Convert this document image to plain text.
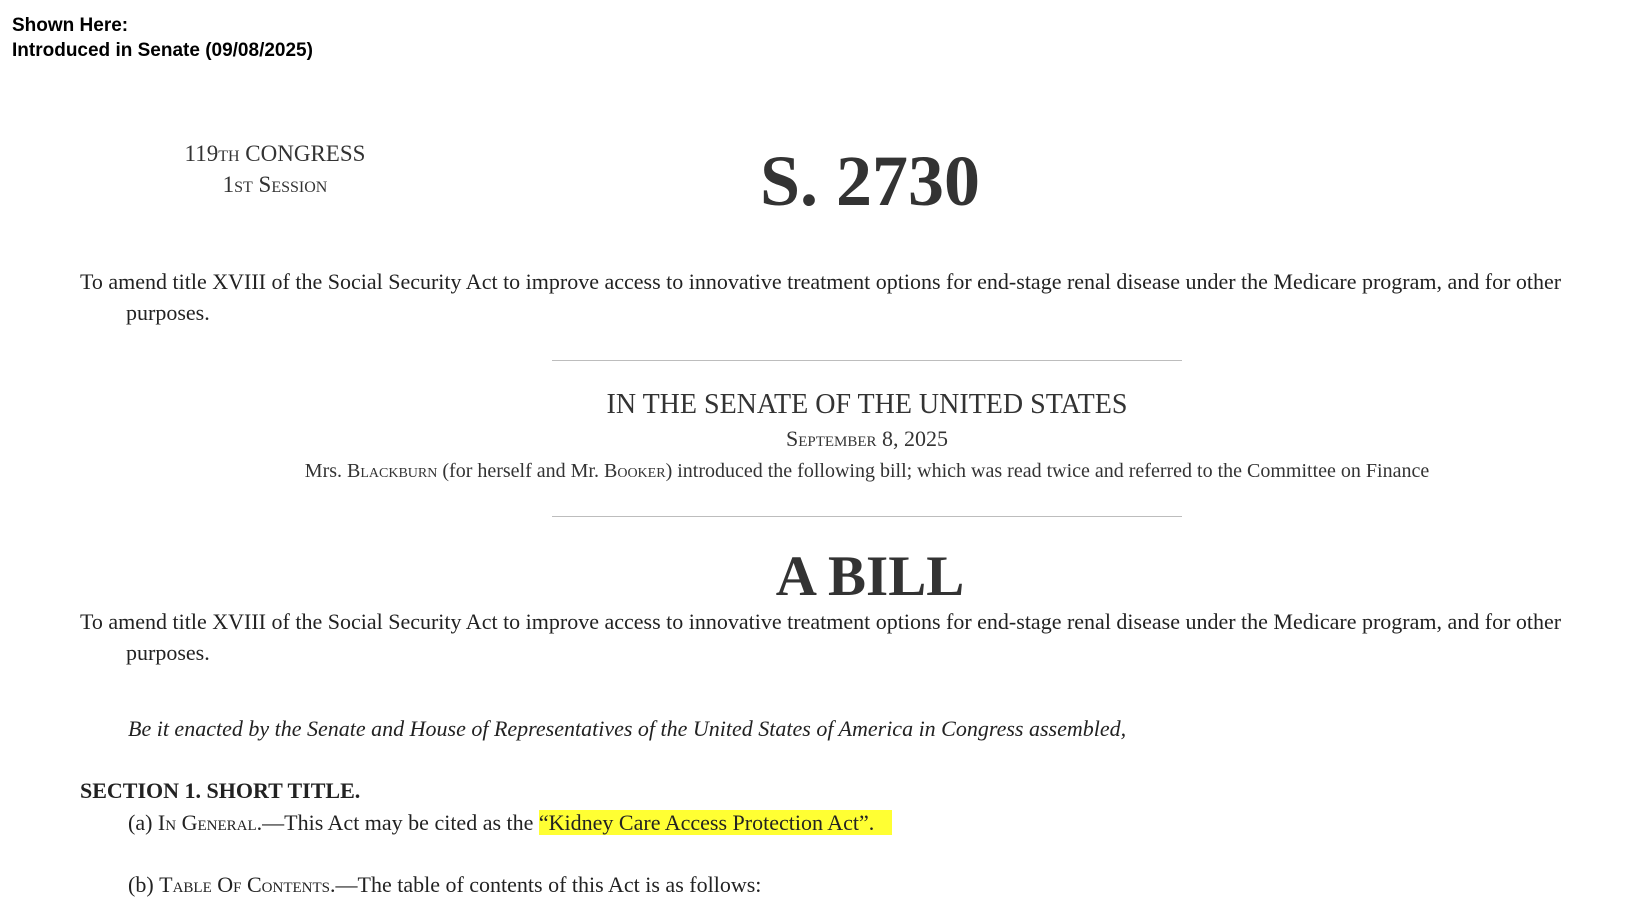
Shown Here:
Introduced in Senate (09/08/2025)
119th CONGRESS
1st Session	S. 2730
To amend title XVIII of the Social Security Act to improve access to innovative treatment options for end-stage renal disease under the Medicare program, and for other purposes.
IN THE SENATE OF THE UNITED STATES
September 8, 2025
Mrs. Blackburn (for herself and Mr. Booker) introduced the following bill; which was read twice and referred to the Committee on Finance
A BILL
To amend title XVIII of the Social Security Act to improve access to innovative treatment options for end-stage renal disease under the Medicare program, and for other purposes.
Be it enacted by the Senate and House of Representatives of the United States of America in Congress assembled,
SECTION 1. SHORT TITLE.
(a) In General.—This Act may be cited as the “Kidney Care Access Protection Act”.
(b) Table Of Contents.—The table of contents of this Act is as follows:
